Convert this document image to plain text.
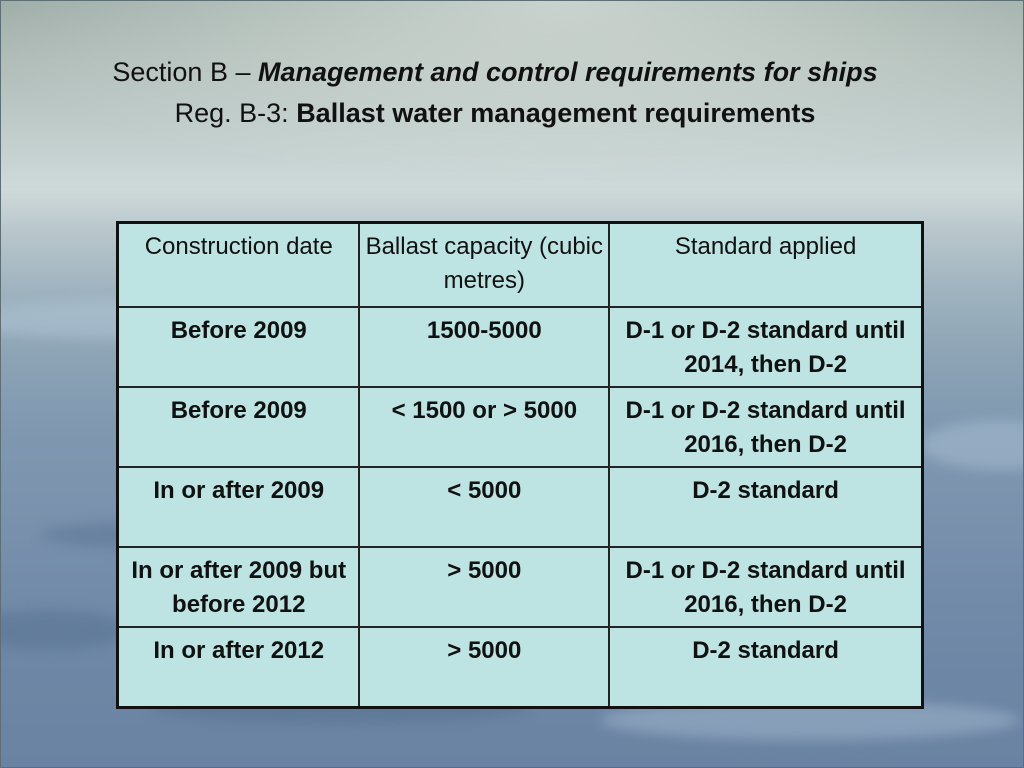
Section B – Management and control requirements for ships
Reg. B-3: Ballast water management requirements
Construction date	Ballast capacity (cubic metres)	Standard applied
Before 2009	1500-5000	D-1 or D-2 standard until 2014, then D-2
Before 2009	< 1500 or > 5000	D-1 or D-2 standard until 2016, then D-2
In or after 2009	< 5000	D-2 standard
In or after 2009 but before 2012	> 5000	D-1 or D-2 standard until 2016, then D-2
In or after 2012	> 5000	D-2 standard
